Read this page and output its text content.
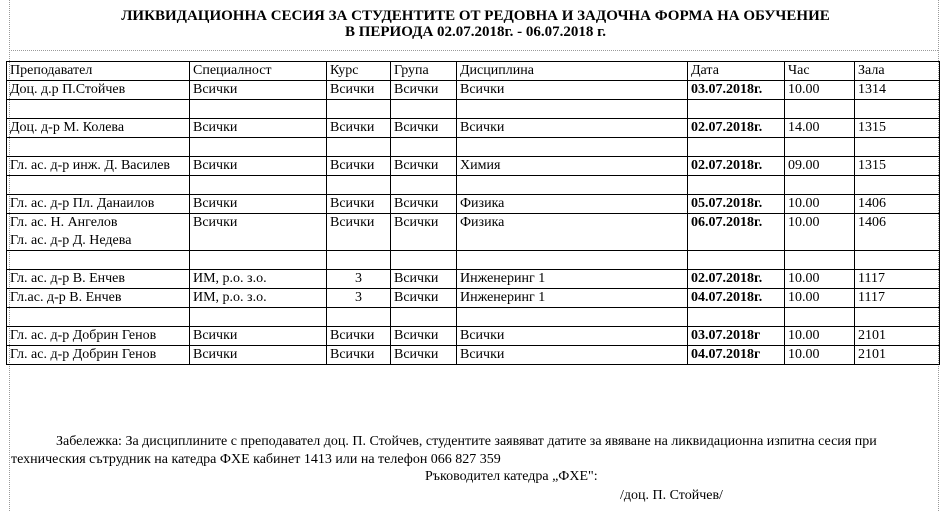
ЛИКВИДАЦИОННА СЕСИЯ ЗА СТУДЕНТИТЕ ОТ РЕДОВНА И ЗАДОЧНА ФОРМА НА ОБУЧЕНИЕ
В ПЕРИОДА 02.07.2018г. - 06.07.2018 г.
Преподавател	Специалност	Курс	Група	Дисциплина	Дата	Час	Зала
Доц. д.р П.Стойчев	Всички	Всички	Всички	Всички	03.07.2018г.	10.00	1314

Доц. д-р М. Колева	Всички	Всички	Всички	Всички	02.07.2018г.	14.00	1315

Гл. ас. д-р инж. Д. Василев	Всички	Всички	Всички	Химия	02.07.2018г.	09.00	1315

Гл. ас. д-р Пл. Данаилов	Всички	Всички	Всички	Физика	05.07.2018г.	10.00	1406

Гл. ас. Н. Ангелов
Гл. ас. д-р Д. Недева	Всички	Всички	Всички	Физика	06.07.2018г.	10.00	1406

Гл. ас. д-р В. Енчев	ИМ, р.о. з.о.	3	Всички	Инженеринг 1	02.07.2018г.	10.00	1117
Гл.ас. д-р В. Енчев	ИМ, р.о. з.о.	3	Всички	Инженеринг 1	04.07.2018г.	10.00	1117

Гл. ас. д-р Добрин Генов	Всички	Всички	Всички	Всички	03.07.2018г	10.00	2101
Гл. ас. д-р Добрин Генов	Всички	Всички	Всички	Всички	04.07.2018г	10.00	2101
Забележка: За дисциплините с преподавател доц. П. Стойчев, студентите заявяват датите за явяване на ликвидационна изпитна сесия при техническия сътрудник на катедра ФХЕ кабинет 1413 или на телефон 066 827 359
Ръководител катедра „ФХЕ":
/доц. П. Стойчев/
